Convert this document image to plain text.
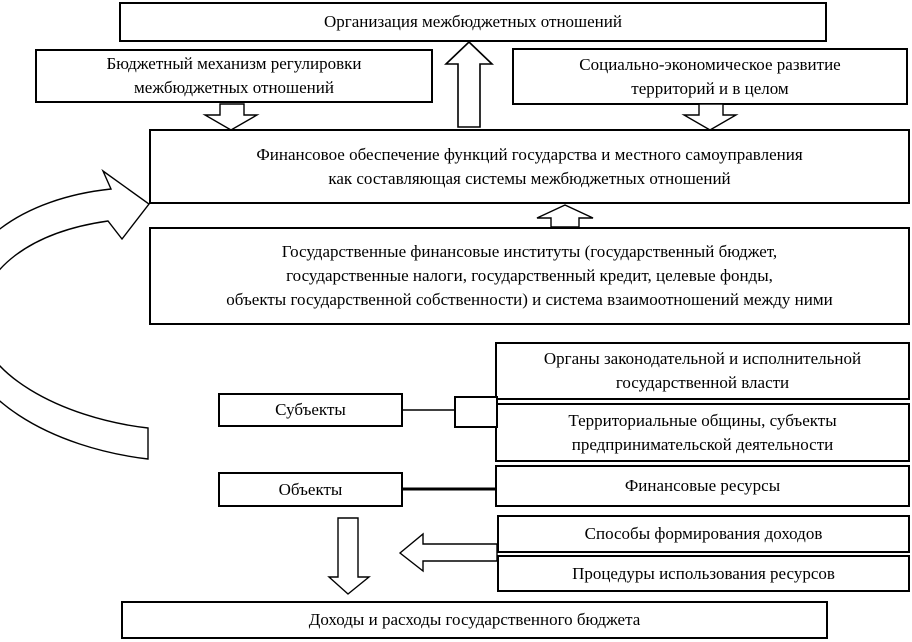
Организация межбюджетных отношений
Бюджетный механизм регулировки
межбюджетных отношений
Социально-экономическое развитие
территорий и в целом
Финансовое обеспечение функций государства и местного самоуправления
как составляющая системы межбюджетных отношений
Государственные финансовые институты (государственный бюджет,
государственные налоги, государственный кредит, целевые фонды,
объекты государственной собственности) и система взаимоотношений между ними
Субъекты
Объекты
Органы законодательной и исполнительной
государственной власти
Территориальные общины, субъекты
предпринимательской деятельности
Финансовые ресурсы
Способы формирования доходов
Процедуры использования ресурсов
Доходы и расходы государственного бюджета
